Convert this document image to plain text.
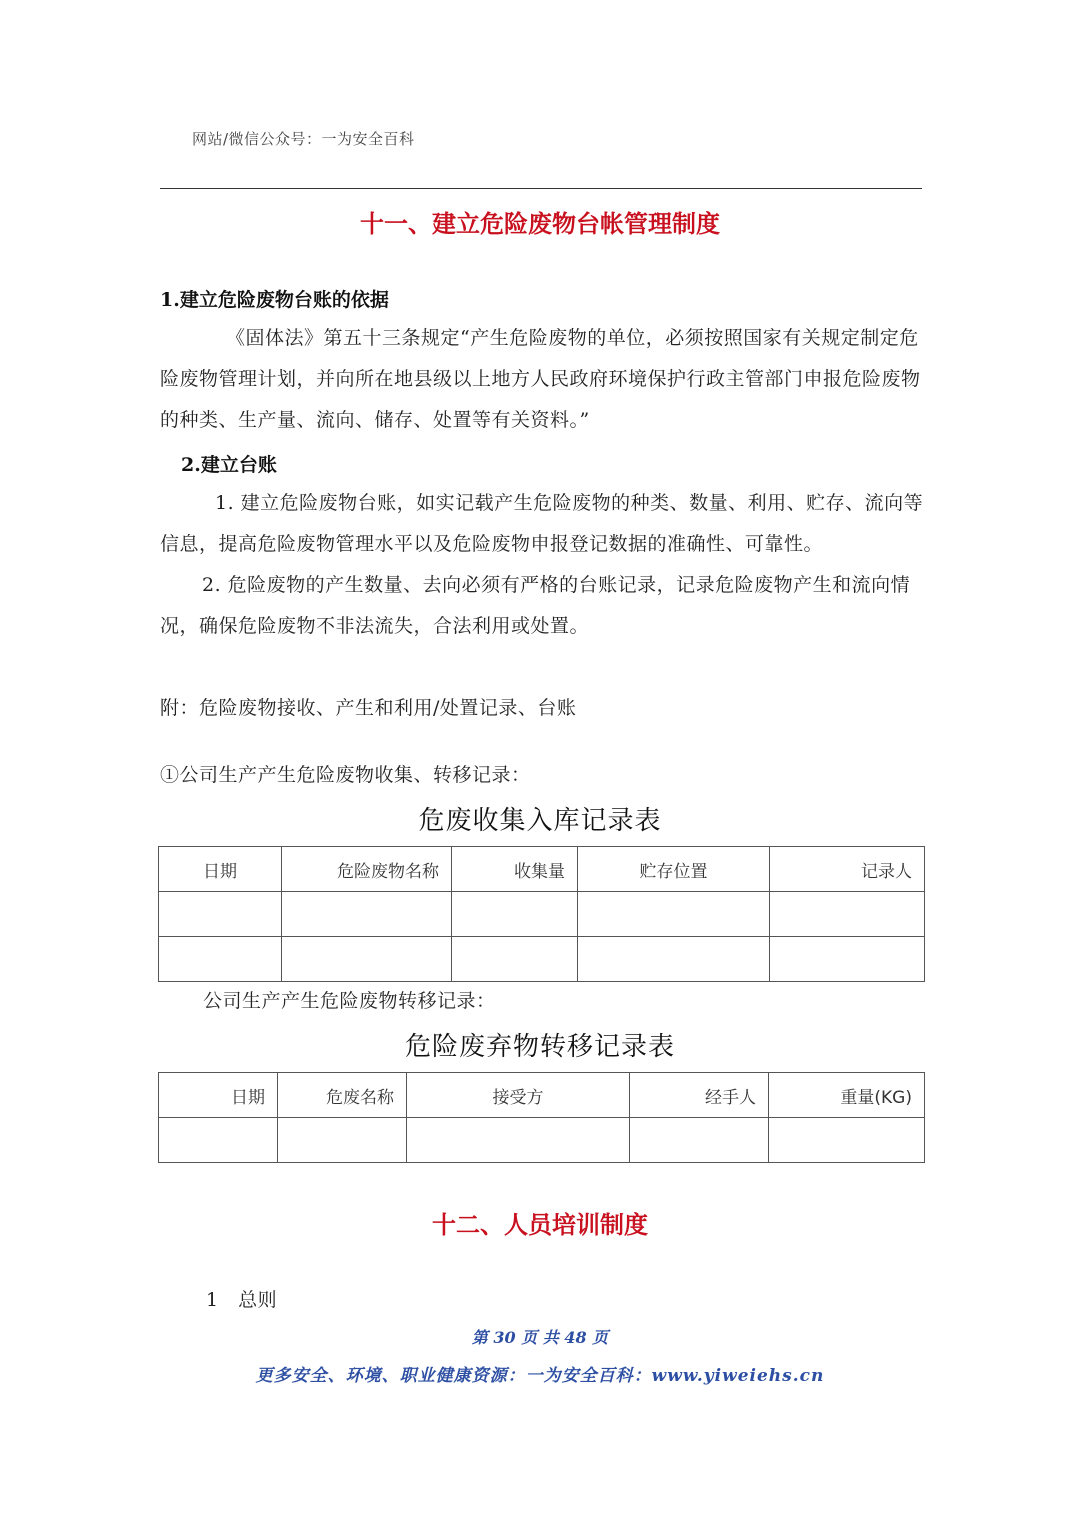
网站/微信公众号：一为安全百科
十一、建立危险废物台帐管理制度
1.建立危险废物台账的依据
《固体法》第五十三条规定“产生危险废物的单位，必须按照国家有关规定制定危险废物管理计划，并向所在地县级以上地方人民政府环境保护行政主管部门申报危险废物的种类、生产量、流向、储存、处置等有关资料。”
2.建立台账
1. 建立危险废物台账，如实记载产生危险废物的种类、数量、利用、贮存、流向等信息，提高危险废物管理水平以及危险废物申报登记数据的准确性、可靠性。
2. 危险废物的产生数量、去向必须有严格的台账记录，记录危险废物产生和流向情况，确保危险废物不非法流失，合法利用或处置。
附：危险废物接收、产生和利用/处置记录、台账
①公司生产产生危险废物收集、转移记录：
危废收集入库记录表
日期	危险废物名称	收集量	贮存位置	记录人

公司生产产生危险废物转移记录：
危险废弃物转移记录表
日期	危废名称	接受方	经手人	重量(KG)

十二、人员培训制度
1　总则
第 30 页 共 48 页
更多安全、环境、职业健康资源：一为安全百科：www.yiweiehs.cn
